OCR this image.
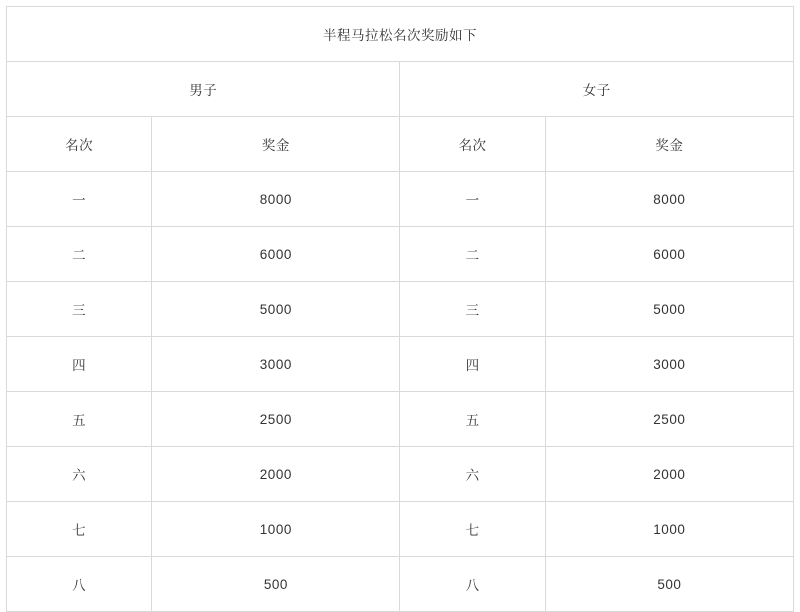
半程马拉松名次奖励如下			
男子		女子	
名次	奖金	名次	奖金
一	8000	一	8000
二	6000	二	6000
三	5000	三	5000
四	3000	四	3000
五	2500	五	2500
六	2000	六	2000
七	1000	七	1000
八	500	八	500
